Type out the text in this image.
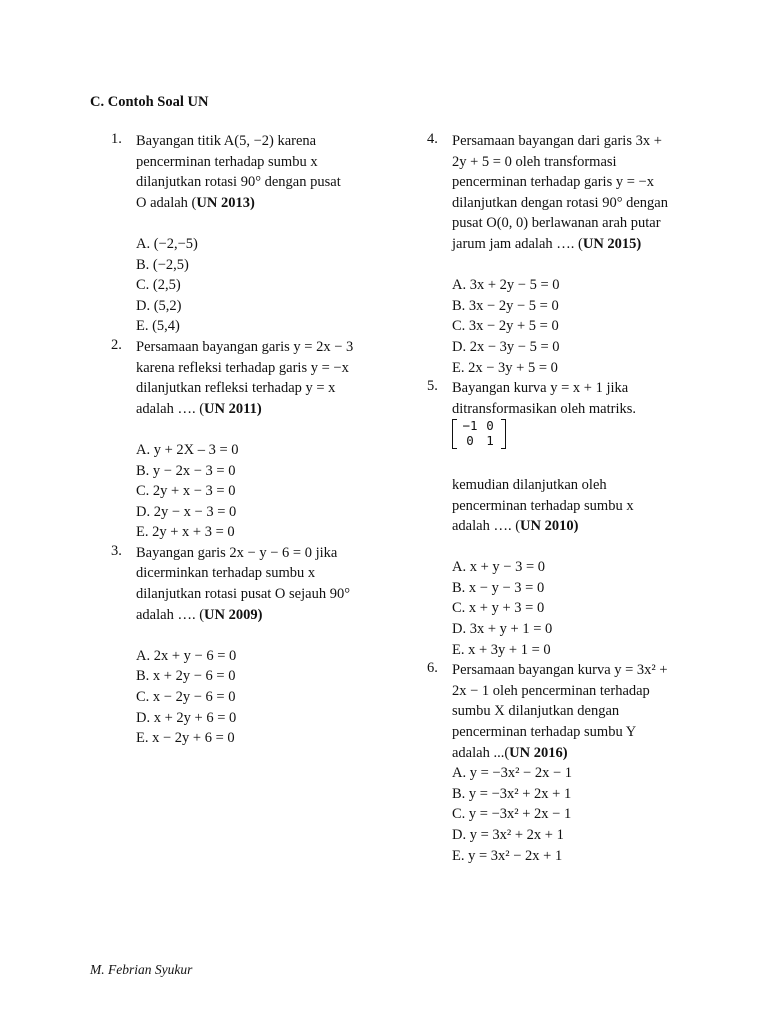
C. Contoh Soal UN
1. Bayangan titik A(5, −2) karena
pencerminan terhadap sumbu x
dilanjutkan rotasi 90° dengan pusat
O adalah (UN 2013)
A. (−2,−5)
B. (−2,5)
C. (2,5)
D. (5,2)
E. (5,4)
2. Persamaan bayangan garis y = 2x − 3
karena refleksi terhadap garis y = −x
dilanjutkan refleksi terhadap y = x
adalah …. (UN 2011)
A. y + 2X – 3 = 0
B. y − 2x − 3 = 0
C. 2y + x − 3 = 0
D. 2y − x − 3 = 0
E. 2y + x + 3 = 0
3. Bayangan garis 2x − y − 6 = 0 jika
dicerminkan terhadap sumbu x
dilanjutkan rotasi pusat O sejauh 90°
adalah …. (UN 2009)
A. 2x + y − 6 = 0
B. x + 2y − 6 = 0
C. x − 2y − 6 = 0
D. x + 2y + 6 = 0
E. x − 2y + 6 = 0
4. Persamaan bayangan dari garis 3x +
2y + 5 = 0 oleh transformasi
pencerminan terhadap garis y = −x
dilanjutkan dengan rotasi 90° dengan
pusat O(0, 0) berlawanan arah putar
jarum jam adalah …. (UN 2015)
A. 3x + 2y − 5 = 0
B. 3x − 2y − 5 = 0
C. 3x − 2y + 5 = 0
D. 2x − 3y − 5 = 0
E. 2x − 3y + 5 = 0
5. Bayangan kurva y = x + 1 jika
ditransformasikan oleh matriks.
−1 0
0 1
kemudian dilanjutkan oleh
pencerminan terhadap sumbu x
adalah …. (UN 2010)
A. x + y − 3 = 0
B. x − y − 3 = 0
C. x + y + 3 = 0
D. 3x + y + 1 = 0
E. x + 3y + 1 = 0
6. Persamaan bayangan kurva y = 3x² +
2x − 1 oleh pencerminan terhadap
sumbu X dilanjutkan dengan
pencerminan terhadap sumbu Y
adalah ...(UN 2016)
A. y = −3x² − 2x − 1
B. y = −3x² + 2x + 1
C. y = −3x² + 2x − 1
D. y = 3x² + 2x + 1
E. y = 3x² − 2x + 1
M. Febrian Syukur
